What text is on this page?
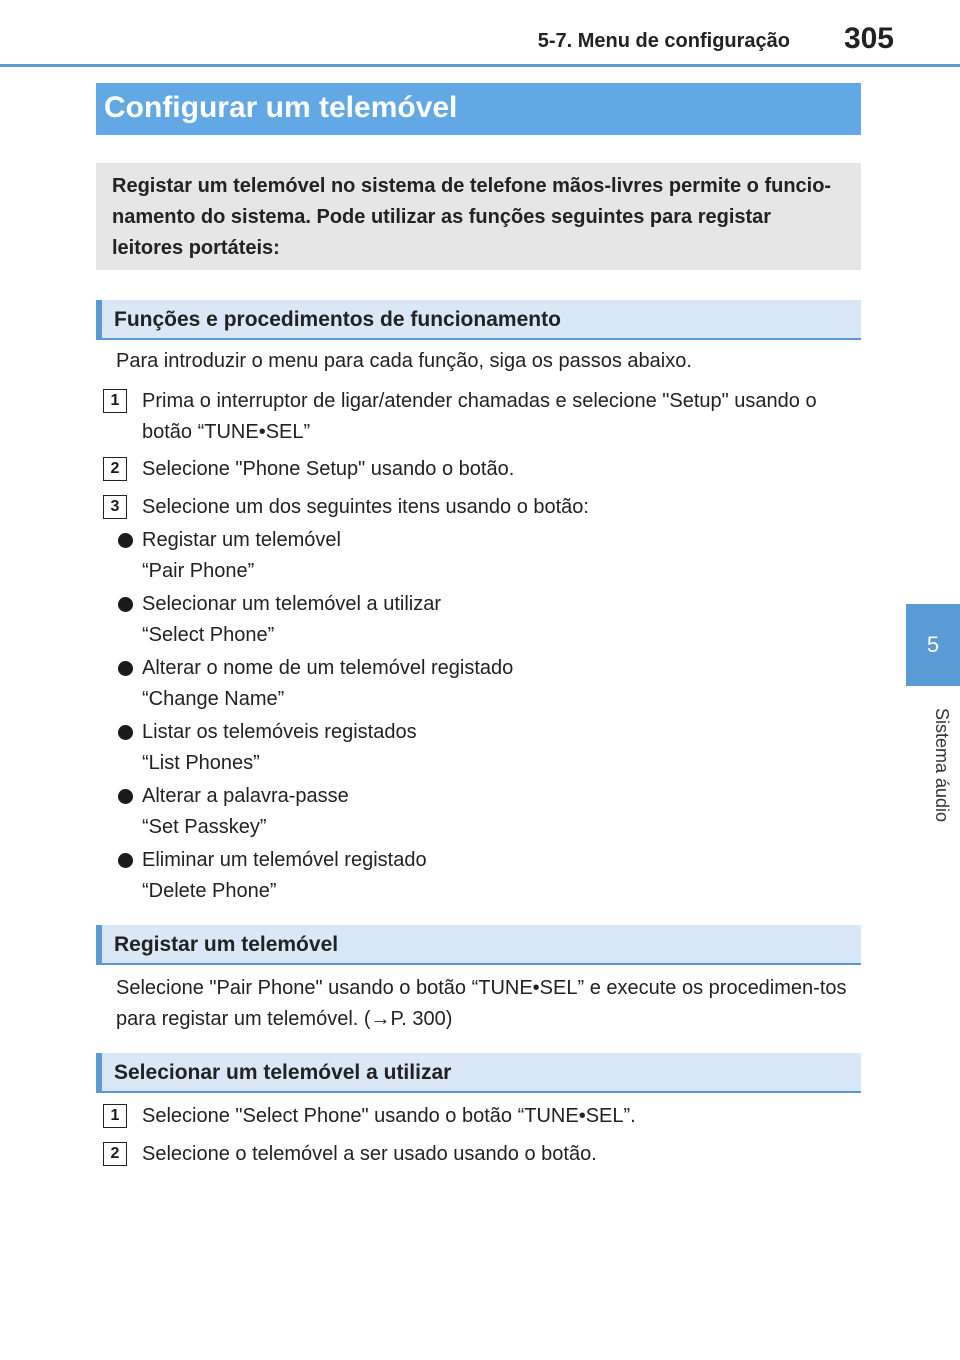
5-7. Menu de configuração 305
5
Sistema áudio
Configurar um telemóvel
Registar um telemóvel no sistema de telefone mãos-livres permite o funcio-namento do sistema. Pode utilizar as funções seguintes para registar leitores portáteis:
Funções e procedimentos de funcionamento
Para introduzir o menu para cada função, siga os passos abaixo.
1	Prima o interruptor de ligar/atender chamadas e selecione "Setup" usando o botão “TUNE•SEL”
2	Selecione "Phone Setup" usando o botão.
3	Selecione um dos seguintes itens usando o botão:
Registar um telemóvel
“Pair Phone”
Selecionar um telemóvel a utilizar
“Select Phone”
Alterar o nome de um telemóvel registado
“Change Name”
Listar os telemóveis registados
“List Phones”
Alterar a palavra-passe
“Set Passkey”
Eliminar um telemóvel registado
“Delete Phone”
Registar um telemóvel
Selecione "Pair Phone" usando o botão “TUNE•SEL” e execute os procedimen-tos para registar um telemóvel. (→P. 300)
Selecionar um telemóvel a utilizar
1	Selecione "Select Phone" usando o botão “TUNE•SEL”.
2	Selecione o telemóvel a ser usado usando o botão.
